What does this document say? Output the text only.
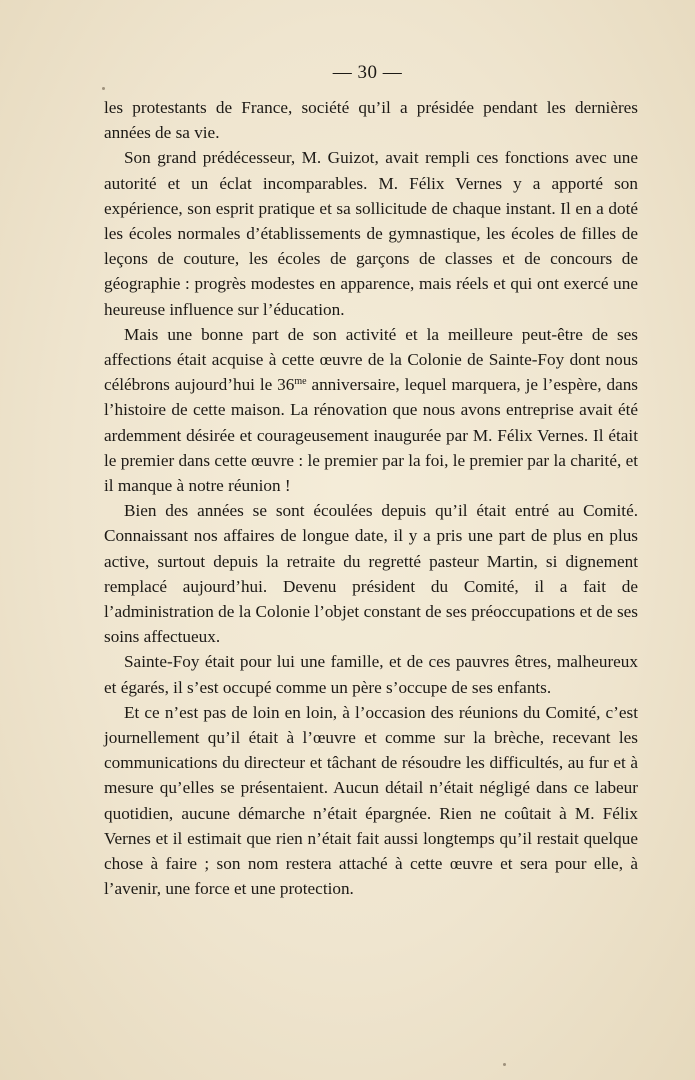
— 30 —

les protestants de France, société qu’il a présidée pendant les dernières années de sa vie.

Son grand prédécesseur, M. Guizot, avait rempli ces fonctions avec une autorité et un éclat incomparables. M. Félix Vernes y a apporté son expérience, son esprit pratique et sa sollicitude de chaque instant. Il en a doté les écoles normales d’établissements de gymnastique, les écoles de filles de leçons de couture, les écoles de garçons de classes et de concours de géographie : progrès modestes en apparence, mais réels et qui ont exercé une heureuse influence sur l’éducation.

Mais une bonne part de son activité et la meilleure peut-être de ses affections était acquise à cette œuvre de la Colonie de Sainte-Foy dont nous célébrons aujourd’hui le $36^{me}$ anniversaire, lequel marquera, je l’espère, dans l’histoire de cette maison. La rénovation que nous avons entreprise avait été ardemment désirée et courageusement inaugurée par M. Félix Vernes. Il était le premier dans cette œuvre : le premier par la foi, le premier par la charité, et il manque à notre réunion !

Bien des années se sont écoulées depuis qu’il était entré au Comité. Connaissant nos affaires de longue date, il y a pris une part de plus en plus active, surtout depuis la retraite du regretté pasteur Martin, si dignement remplacé aujourd’hui. Devenu président du Comité, il a fait de l’administration de la Colonie l’objet constant de ses préoccupations et de ses soins affectueux.

Sainte-Foy était pour lui une famille, et de ces pauvres êtres, malheureux et égarés, il s’est occupé comme un père s’occupe de ses enfants.

Et ce n’est pas de loin en loin, à l’occasion des réunions du Comité, c’est journellement qu’il était à l’œuvre et comme sur la brèche, recevant les communications du directeur et tâchant de résoudre les difficultés, au fur et à mesure qu’elles se présentaient. Aucun détail n’était négligé dans ce labeur quotidien, aucune démarche n’était épargnée. Rien ne coûtait à M. Félix Vernes et il estimait que rien n’était fait aussi longtemps qu’il restait quelque chose à faire ; son nom restera attaché à cette œuvre et sera pour elle, à l’avenir, une force et une protection.
